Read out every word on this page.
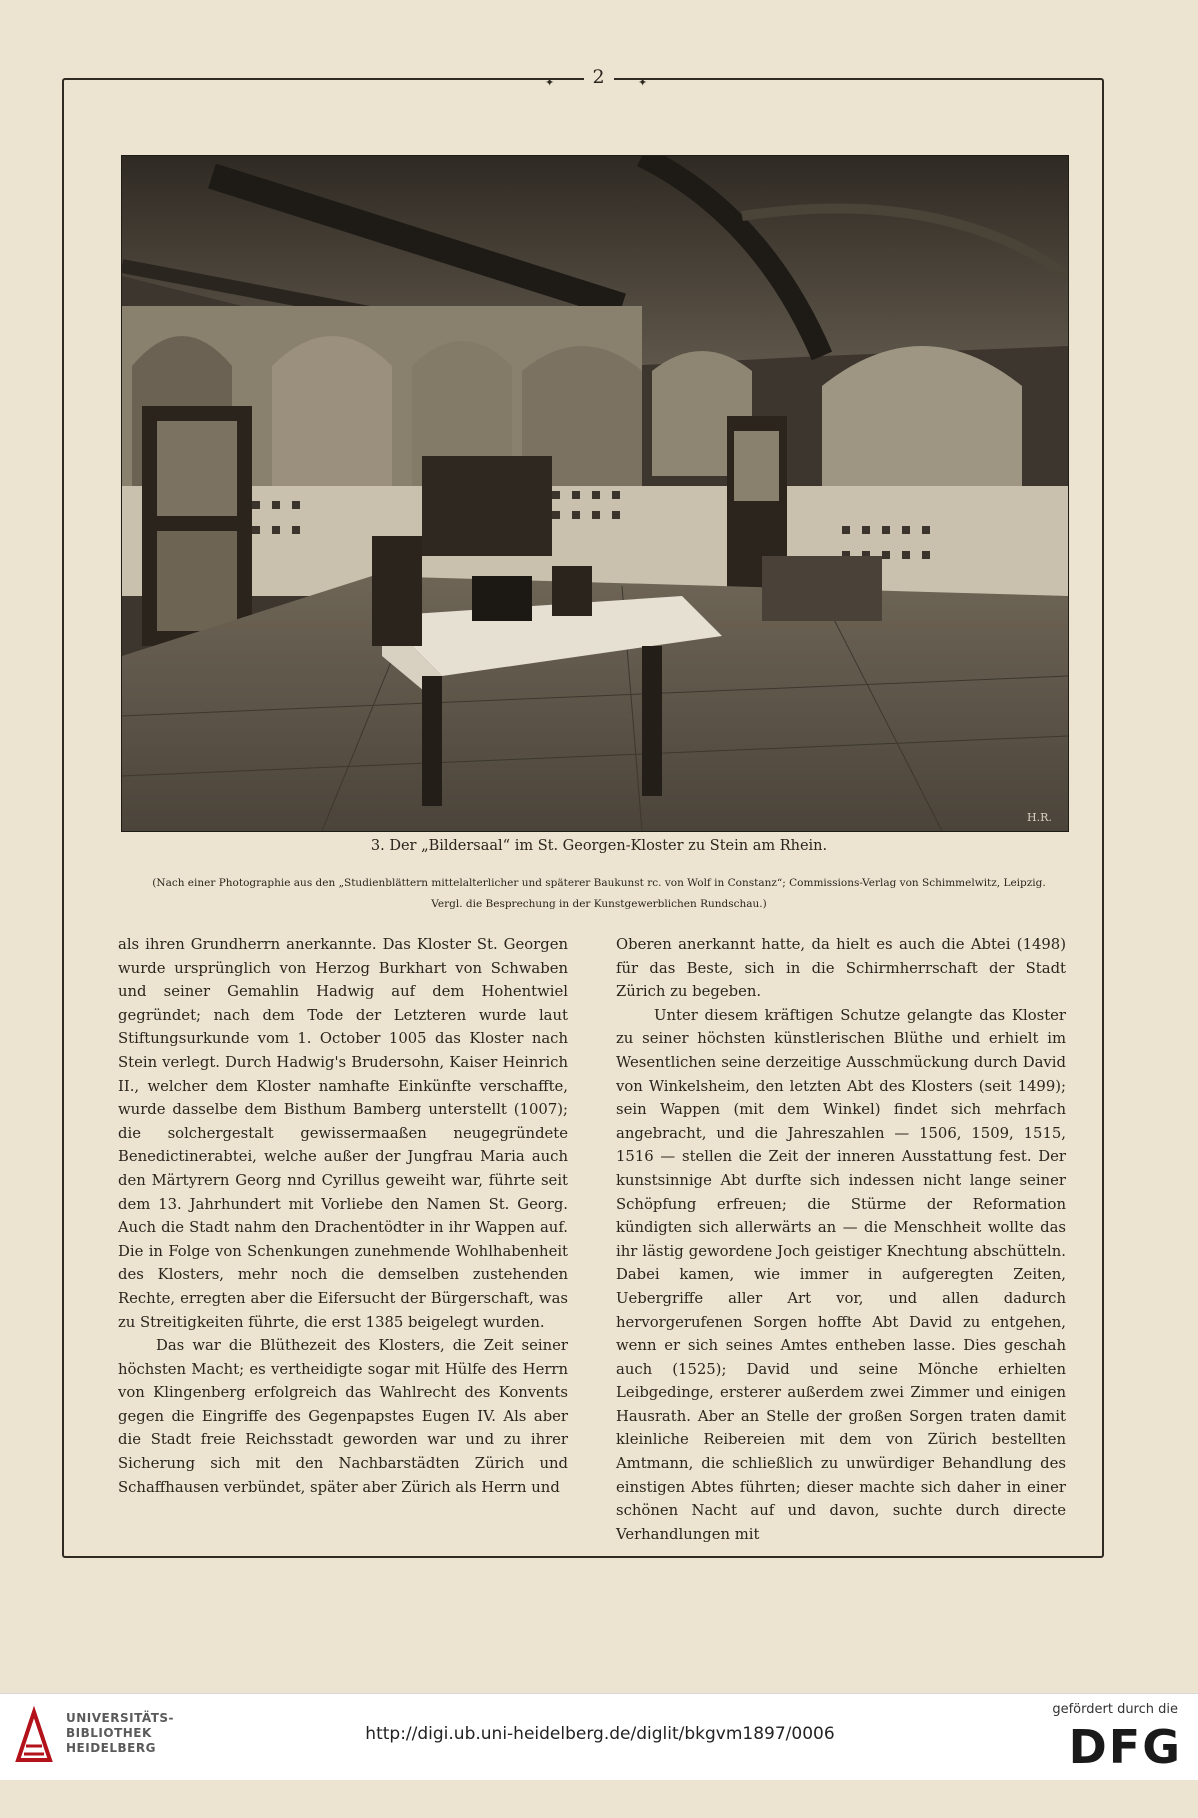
2
✦	✦
H.R.
3. Der „Bildersaal“ im St. Georgen-Kloster zu Stein am Rhein.
(Nach einer Photographie aus den „Studienblättern mittelalterlicher und späterer Baukunst rc. von Wolf in Constanz“; Commissions-Verlag von Schimmelwitz, Leipzig.
Vergl. die Besprechung in der Kunstgewerblichen Rundschau.)

als ihren Grundherrn anerkannte. Das Kloster St. Georgen wurde ursprünglich von Herzog Burkhart von Schwaben und seiner Gemahlin Hadwig auf dem Hohentwiel gegründet; nach dem Tode der Letzteren wurde laut Stiftungsurkunde vom 1. October 1005 das Kloster nach Stein verlegt. Durch Hadwig's Brudersohn, Kaiser Heinrich II., welcher dem Kloster namhafte Einkünfte verschaffte, wurde dasselbe dem Bisthum Bamberg unterstellt (1007); die solchergestalt gewissermaaßen neugegründete Benedictinerabtei, welche außer der Jungfrau Maria auch den Märtyrern Georg nnd Cyrillus geweiht war, führte seit dem 13. Jahrhundert mit Vorliebe den Namen St. Georg. Auch die Stadt nahm den Drachentödter in ihr Wappen auf. Die in Folge von Schenkungen zunehmende Wohlhabenheit des Klosters, mehr noch die demselben zustehenden Rechte, erregten aber die Eifersucht der Bürgerschaft, was zu Streitigkeiten führte, die erst 1385 beigelegt wurden.

Das war die Blüthezeit des Klosters, die Zeit seiner höchsten Macht; es vertheidigte sogar mit Hülfe des Herrn von Klingenberg erfolgreich das Wahlrecht des Konvents gegen die Eingriffe des Gegenpapstes Eugen IV. Als aber die Stadt freie Reichsstadt geworden war und zu ihrer Sicherung sich mit den Nachbarstädten Zürich und Schaffhausen verbündet, später aber Zürich als Herrn und

Oberen anerkannt hatte, da hielt es auch die Abtei (1498) für das Beste, sich in die Schirmherrschaft der Stadt Zürich zu begeben.

Unter diesem kräftigen Schutze gelangte das Kloster zu seiner höchsten künstlerischen Blüthe und erhielt im Wesentlichen seine derzeitige Ausschmückung durch David von Winkelsheim, den letzten Abt des Klosters (seit 1499); sein Wappen (mit dem Winkel) findet sich mehrfach angebracht, und die Jahreszahlen — 1506, 1509, 1515, 1516 — stellen die Zeit der inneren Ausstattung fest. Der kunstsinnige Abt durfte sich indessen nicht lange seiner Schöpfung erfreuen; die Stürme der Reformation kündigten sich allerwärts an — die Menschheit wollte das ihr lästig gewordene Joch geistiger Knechtung abschütteln. Dabei kamen, wie immer in aufgeregten Zeiten, Uebergriffe aller Art vor, und allen dadurch hervorgerufenen Sorgen hoffte Abt David zu entgehen, wenn er sich seines Amtes entheben lasse. Dies geschah auch (1525); David und seine Mönche erhielten Leibgedinge, ersterer außerdem zwei Zimmer und einigen Hausrath. Aber an Stelle der großen Sorgen traten damit kleinliche Reibereien mit dem von Zürich bestellten Amtmann, die schließlich zu unwürdiger Behandlung des einstigen Abtes führten; dieser machte sich daher in einer schönen Nacht auf und davon, suchte durch directe Verhandlungen mit

UNIVERSITÄTS-
BIBLIOTHEK
HEIDELBERG
http://digi.ub.uni-heidelberg.de/diglit/bkgvm1897/0006
gefördert durch die
DFG
